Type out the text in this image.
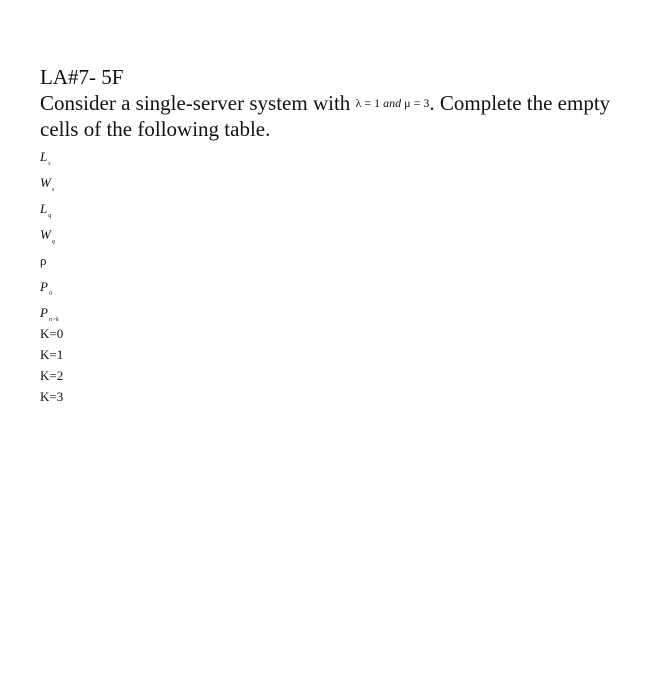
LA#7- 5F

Consider a single-server system with λ = 1 and μ = 3. Complete the empty cells of the following table.

$L_s$
$W_s$
$L_q$
$W_q$
ρ
$P_0$
$P_{n>k}$
K=0
K=1
K=2
K=3
